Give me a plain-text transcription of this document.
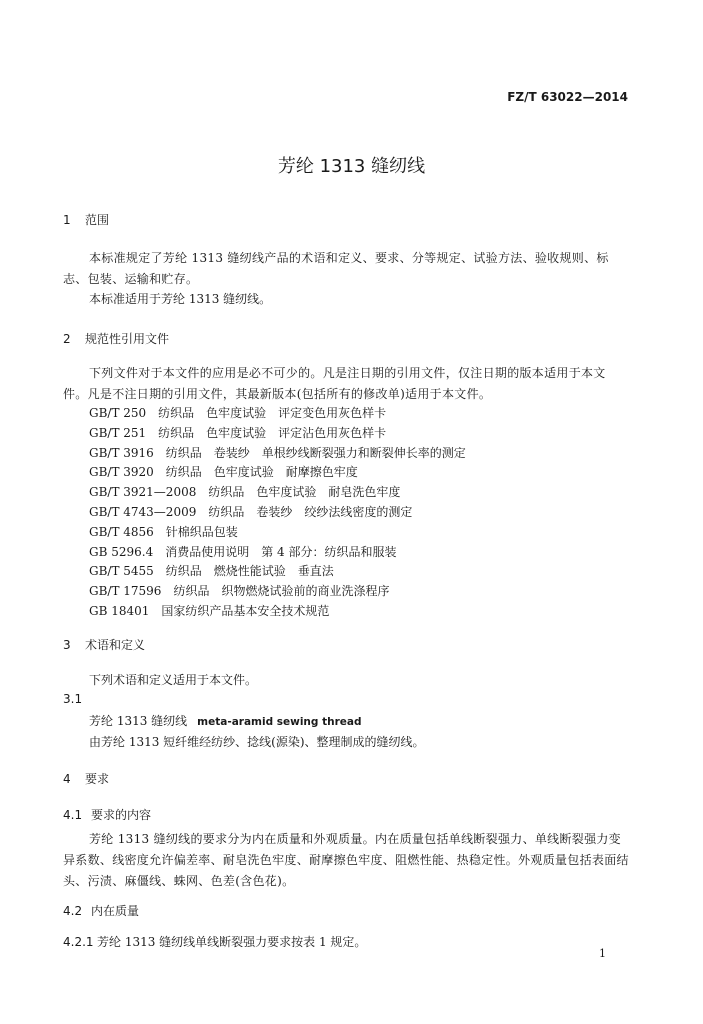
FZ/T 63022—2014
芳纶 1313 缝纫线
1 范围
本标准规定了芳纶 1313 缝纫线产品的术语和定义、要求、分等规定、试验方法、验收规则、标志、包装、运输和贮存。
本标准适用于芳纶 1313 缝纫线。
2 规范性引用文件
下列文件对于本文件的应用是必不可少的。凡是注日期的引用文件，仅注日期的版本适用于本文件。凡是不注日期的引用文件，其最新版本(包括所有的修改单)适用于本文件。
GB/T 250　纺织品　色牢度试验　评定变色用灰色样卡
GB/T 251　纺织品　色牢度试验　评定沾色用灰色样卡
GB/T 3916　纺织品　卷装纱　单根纱线断裂强力和断裂伸长率的测定
GB/T 3920　纺织品　色牢度试验　耐摩擦色牢度
GB/T 3921—2008　纺织品　色牢度试验　耐皂洗色牢度
GB/T 4743—2009　纺织品　卷装纱　绞纱法线密度的测定
GB/T 4856　针棉织品包装
GB 5296.4　消费品使用说明　第 4 部分：纺织品和服装
GB/T 5455　纺织品　燃烧性能试验　垂直法
GB/T 17596　纺织品　织物燃烧试验前的商业洗涤程序
GB 18401　国家纺织产品基本安全技术规范
3 术语和定义
下列术语和定义适用于本文件。
3.1
芳纶 1313 缝纫线 meta-aramid sewing thread
由芳纶 1313 短纤维经纺纱、捻线(源染)、整理制成的缝纫线。
4 要求
4.1 要求的内容
芳纶 1313 缝纫线的要求分为内在质量和外观质量。内在质量包括单线断裂强力、单线断裂强力变异系数、线密度允许偏差率、耐皂洗色牢度、耐摩擦色牢度、阻燃性能、热稳定性。外观质量包括表面结头、污渍、麻僵线、蛛网、色差(含色花)。
4.2 内在质量
4.2.1 芳纶 1313 缝纫线单线断裂强力要求按表 1 规定。
1
